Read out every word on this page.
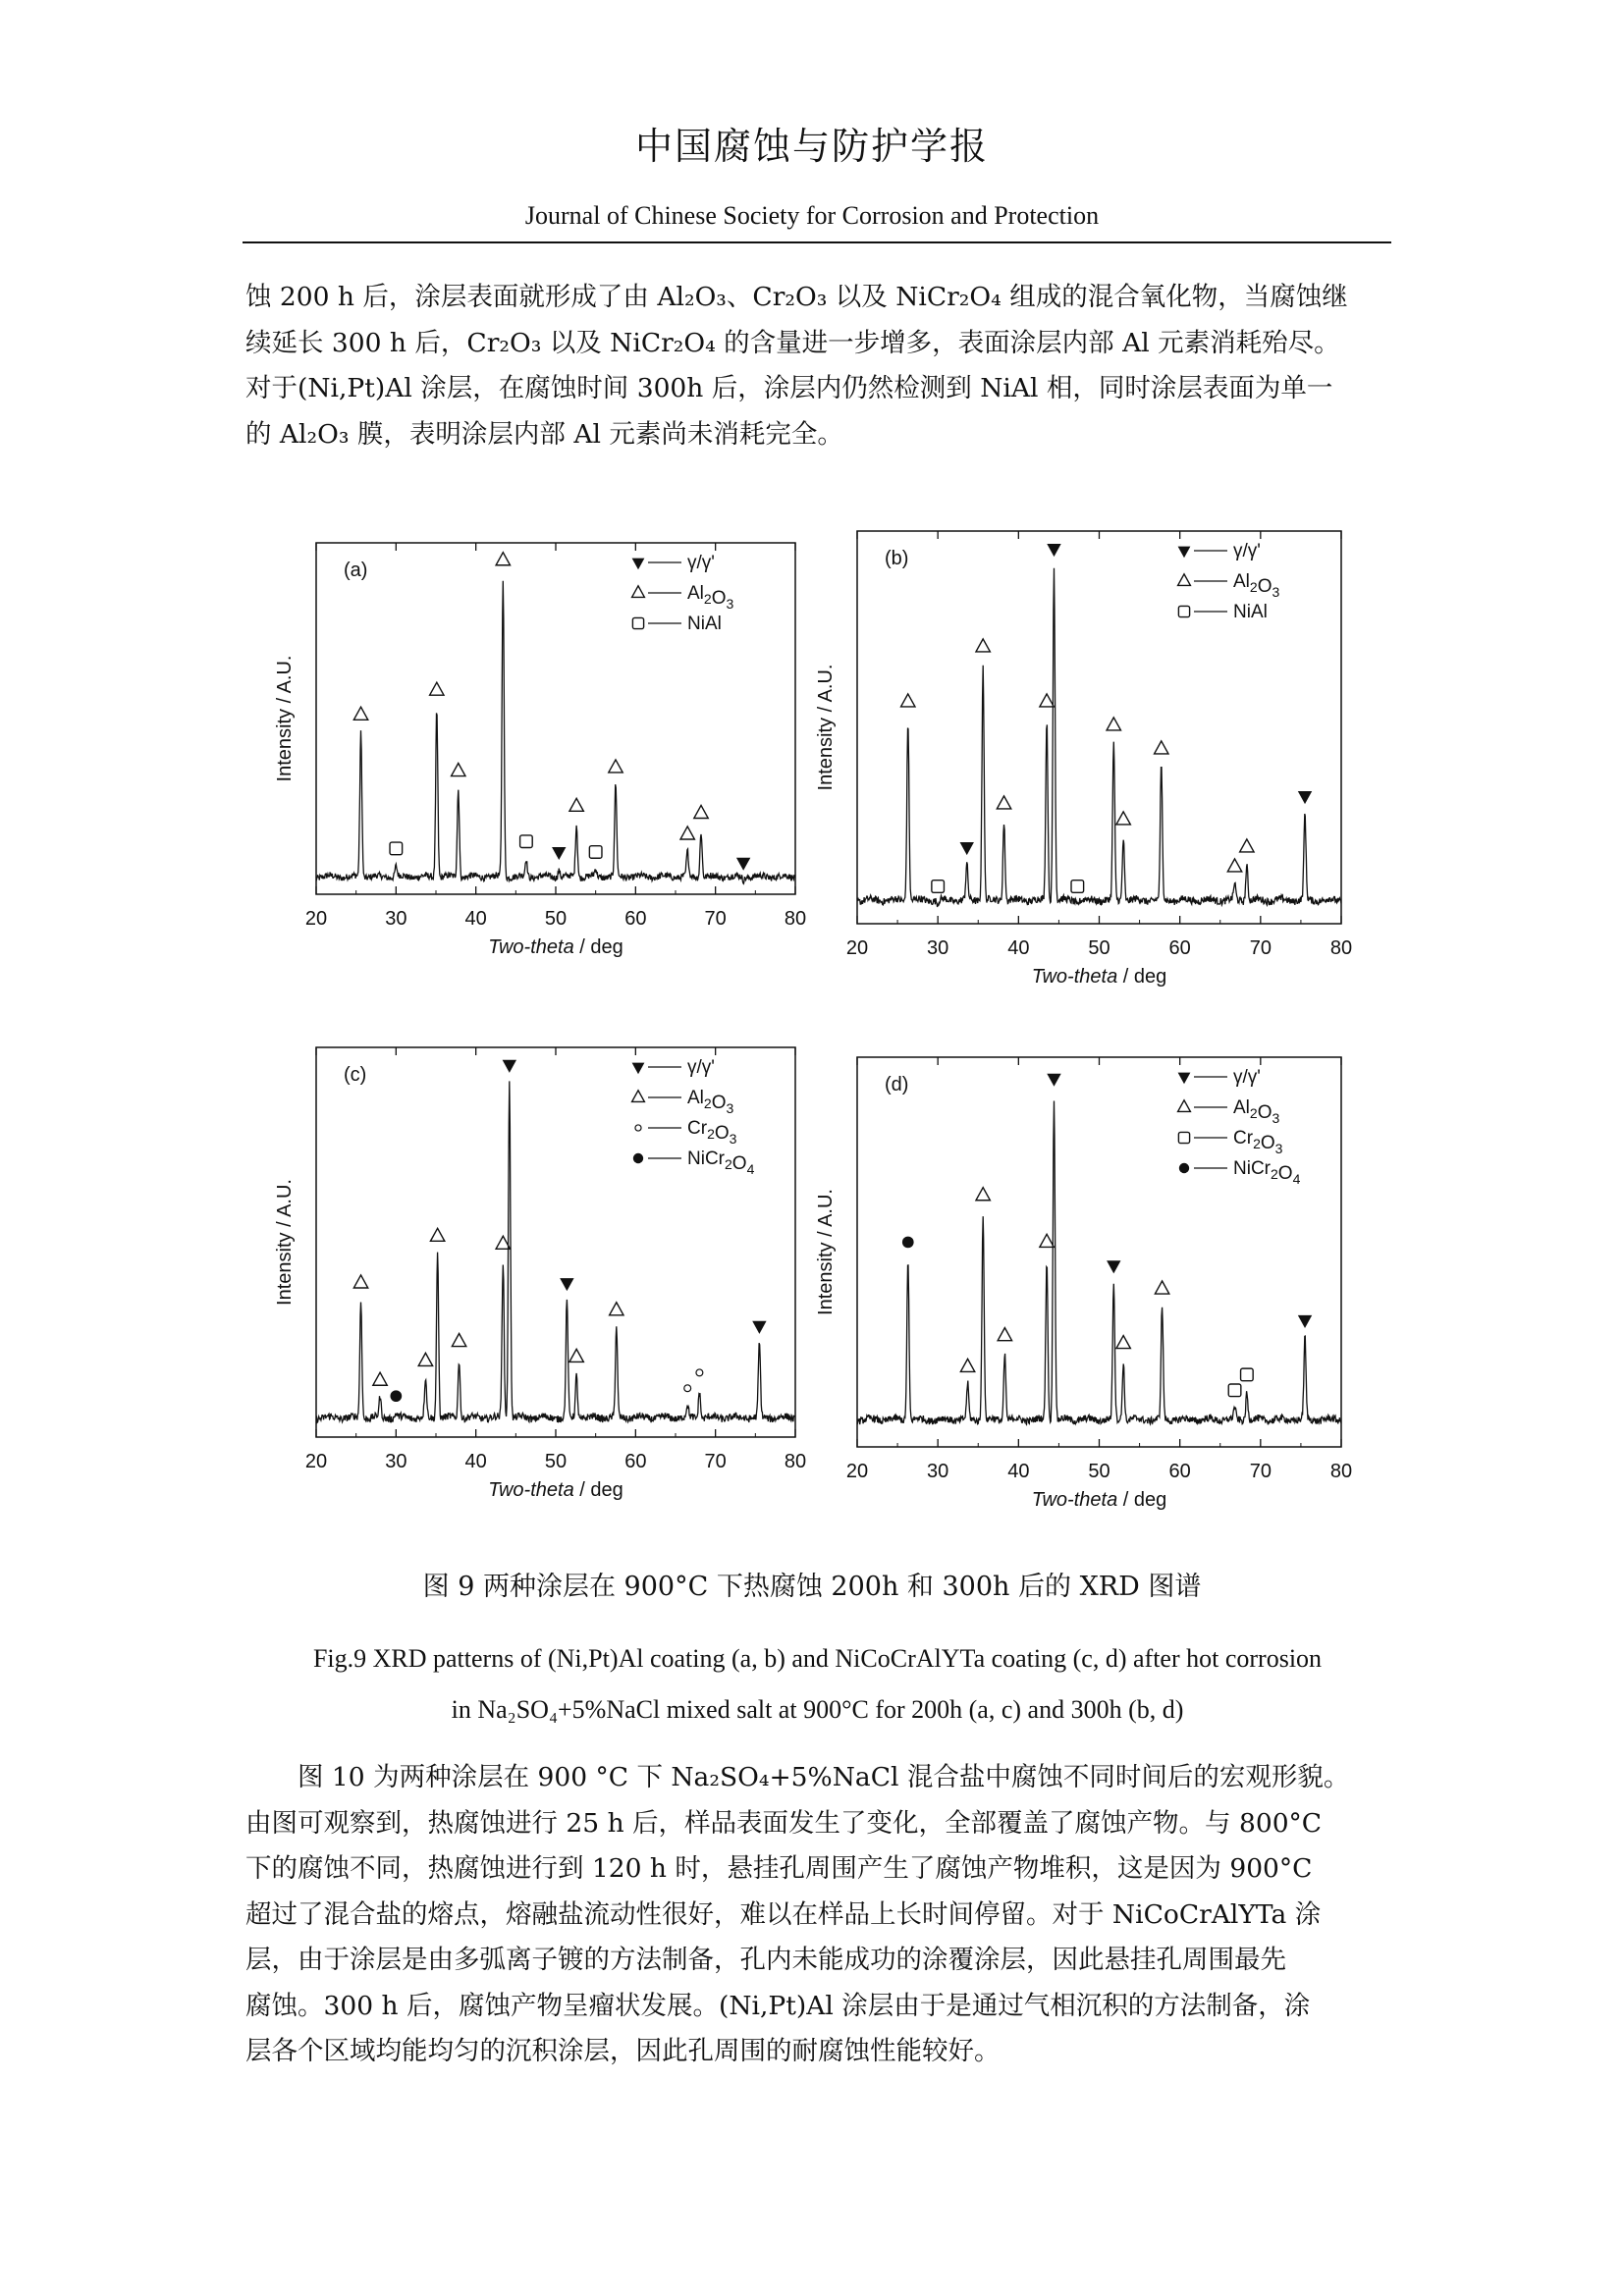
中国腐蚀与防护学报
Journal of Chinese Society for Corrosion and Protection
蚀 200 h 后，涂层表面就形成了由 Al₂O₃、Cr₂O₃ 以及 NiCr₂O₄ 组成的混合氧化物，当腐蚀继
续延长 300 h 后，Cr₂O₃ 以及 NiCr₂O₄ 的含量进一步增多，表面涂层内部 Al 元素消耗殆尽。
对于(Ni,Pt)Al 涂层，在腐蚀时间 300h 后，涂层内仍然检测到 NiAl 相，同时涂层表面为单一
的 Al₂O₃ 膜，表明涂层内部 Al 元素尚未消耗完全。
20	30	40	50	60	70	80
Two-theta / deg
Intensity / A.U.
(a)	γ/γ'
$Al_2O_3$
NiAl
20	30	40	50	60	70	80
Two-theta / deg
Intensity / A.U.
(b)	γ/γ'
$Al_2O_3$
NiAl
20	30	40	50	60	70	80
Two-theta / deg
Intensity / A.U.
(c)	γ/γ'
$Al_2O_3$
$Cr_2O_3$
$NiCr_2O_4$
20	30	40	50	60	70	80
Two-theta / deg
Intensity / A.U.
(d)	γ/γ'
$Al_2O_3$
$Cr_2O_3$
$NiCr_2O_4$
图 9 两种涂层在 900°C 下热腐蚀 200h 和 300h 后的 XRD 图谱
Fig.9 XRD patterns of (Ni,Pt)Al coating (a, b) and NiCoCrAlYTa coating (c, d) after hot corrosion
in Na₂SO₄+5%NaCl mixed salt at 900°C for 200h (a, c) and 300h (b, d)
图 10 为两种涂层在 900 °C 下 Na₂SO₄+5%NaCl 混合盐中腐蚀不同时间后的宏观形貌。
由图可观察到，热腐蚀进行 25 h 后，样品表面发生了变化，全部覆盖了腐蚀产物。与 800°C
下的腐蚀不同，热腐蚀进行到 120 h 时，悬挂孔周围产生了腐蚀产物堆积，这是因为 900°C
超过了混合盐的熔点，熔融盐流动性很好，难以在样品上长时间停留。对于 NiCoCrAlYTa 涂
层，由于涂层是由多弧离子镀的方法制备，孔内未能成功的涂覆涂层，因此悬挂孔周围最先
腐蚀。300 h 后，腐蚀产物呈瘤状发展。(Ni,Pt)Al 涂层由于是通过气相沉积的方法制备，涂
层各个区域均能均匀的沉积涂层，因此孔周围的耐腐蚀性能较好。
